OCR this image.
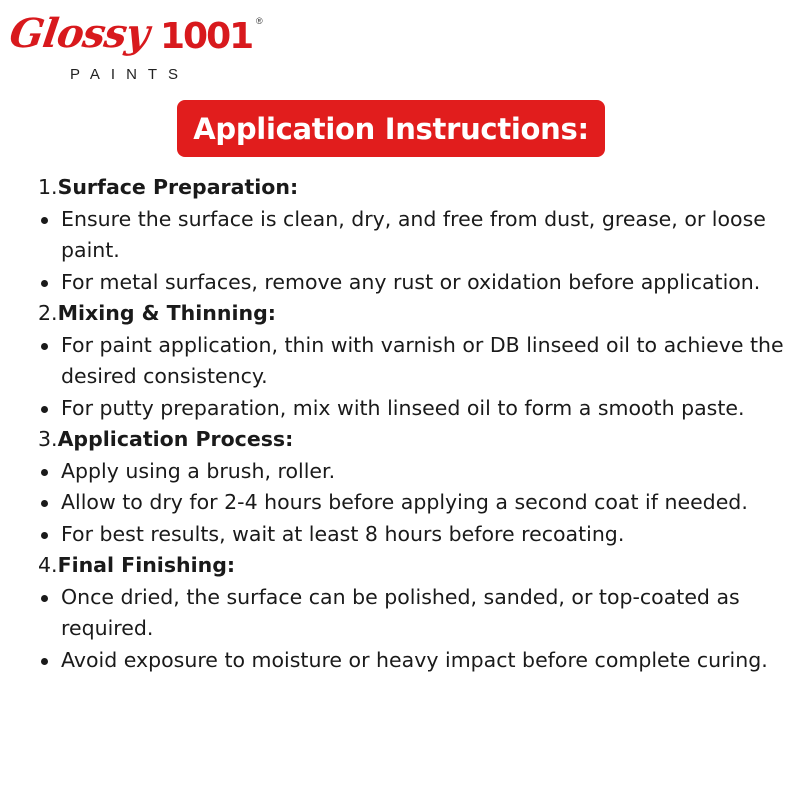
Glossy 1001 ®
PAINTS
Application Instructions:
1.Surface Preparation:
Ensure the surface is clean, dry, and free from dust, grease, or loose paint.
For metal surfaces, remove any rust or oxidation before application.
2.Mixing & Thinning:
For paint application, thin with varnish or DB linseed oil to achieve the desired consistency.
For putty preparation, mix with linseed oil to form a smooth paste.
3.Application Process:
Apply using a brush, roller.
Allow to dry for 2-4 hours before applying a second coat if needed.
For best results, wait at least 8 hours before recoating.
4.Final Finishing:
Once dried, the surface can be polished, sanded, or top-coated as required.
Avoid exposure to moisture or heavy impact before complete curing.
